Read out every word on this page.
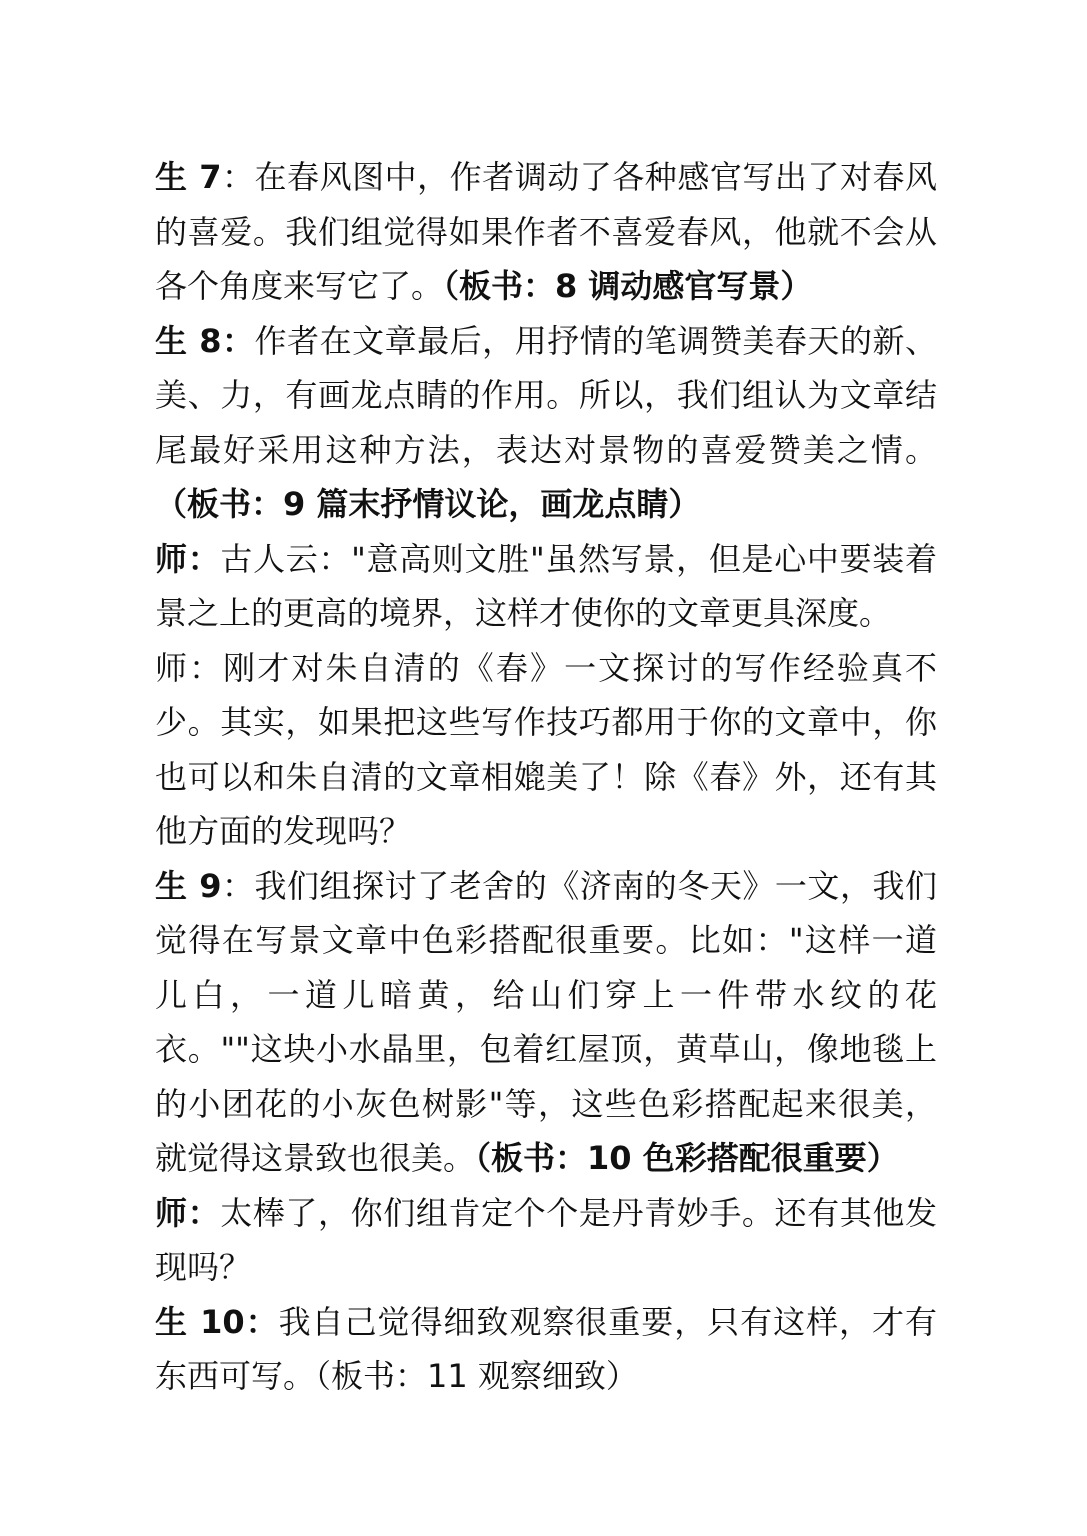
生 7：在春风图中，作者调动了各种感官写出了对春风的喜爱。我们组觉得如果作者不喜爱春风，他就不会从各个角度来写它了。（板书：8 调动感官写景）

生 8：作者在文章最后，用抒情的笔调赞美春天的新、美、力，有画龙点睛的作用。所以，我们组认为文章结尾最好采用这种方法，表达对景物的喜爱赞美之情。（板书：9 篇末抒情议论，画龙点睛）

师：古人云："意高则文胜"虽然写景，但是心中要装着景之上的更高的境界，这样才使你的文章更具深度。

师：刚才对朱自清的《春》一文探讨的写作经验真不少。其实，如果把这些写作技巧都用于你的文章中，你也可以和朱自清的文章相媲美了！除《春》外，还有其他方面的发现吗？

生 9：我们组探讨了老舍的《济南的冬天》一文，我们觉得在写景文章中色彩搭配很重要。比如："这样一道儿白，一道儿暗黄，给山们穿上一件带水纹的花衣。""这块小水晶里，包着红屋顶，黄草山，像地毯上的小团花的小灰色树影"等，这些色彩搭配起来很美，就觉得这景致也很美。（板书：10 色彩搭配很重要）

师：太棒了，你们组肯定个个是丹青妙手。还有其他发现吗？

生 10：我自己觉得细致观察很重要，只有这样，才有东西可写。（板书：11 观察细致）
